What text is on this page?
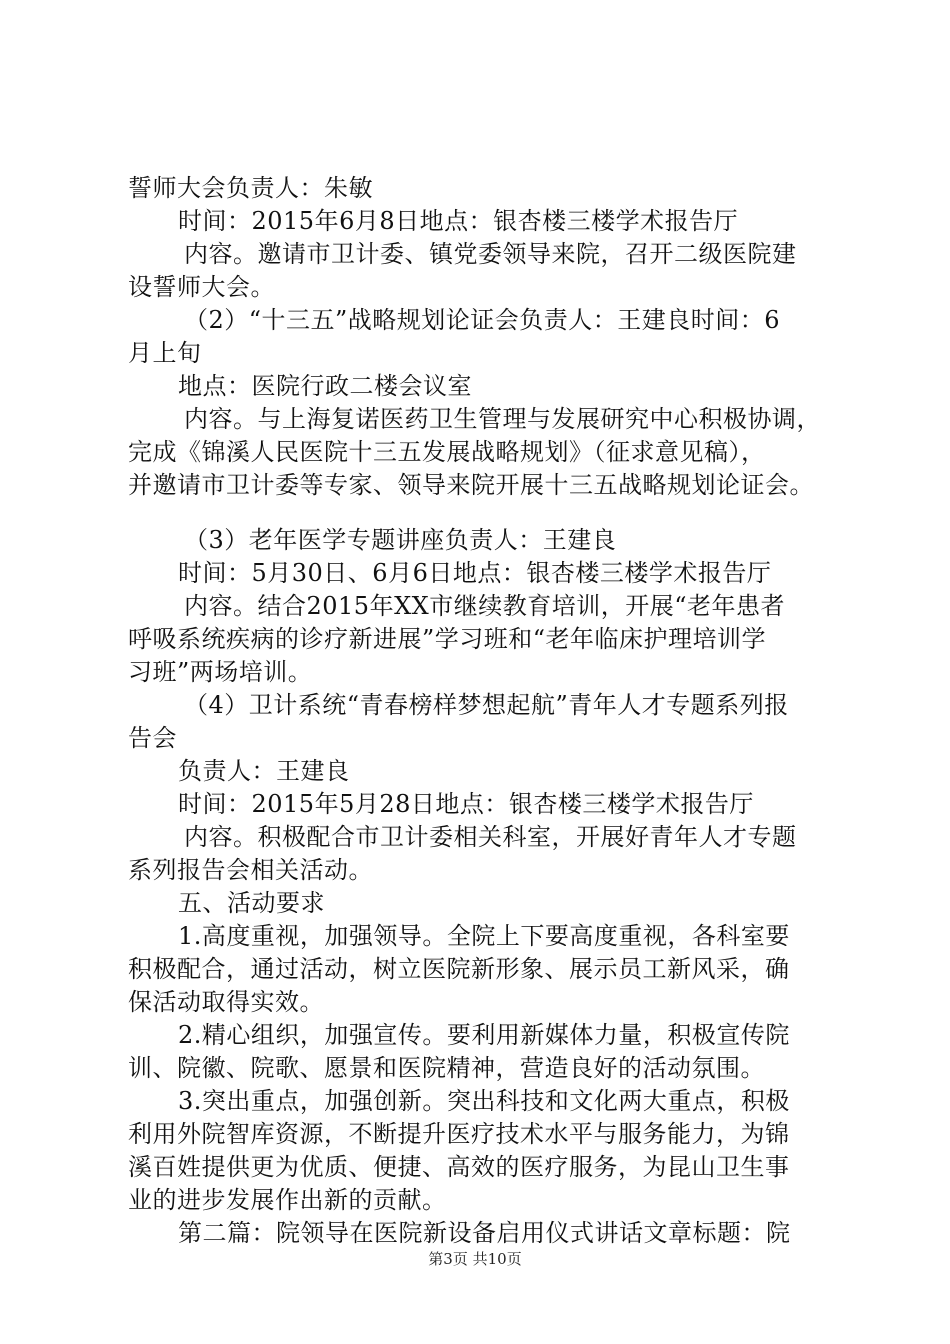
誓师大会负责人：朱敏
时间：2015年6月8日地点：银杏楼三楼学术报告厅
内容。邀请市卫计委、镇党委领导来院，召开二级医院建
设誓师大会。
（2）“十三五”战略规划论证会负责人：王建良时间：6
月上旬
地点：医院行政二楼会议室
内容。与上海复诺医药卫生管理与发展研究中心积极协调，
完成《锦溪人民医院十三五发展战略规划》（征求意见稿），
并邀请市卫计委等专家、领导来院开展十三五战略规划论证会。
（3）老年医学专题讲座负责人：王建良
时间：5月30日、6月6日地点：银杏楼三楼学术报告厅
内容。结合2015年XX市继续教育培训，开展“老年患者
呼吸系统疾病的诊疗新进展”学习班和“老年临床护理培训学
习班”两场培训。
（4）卫计系统“青春榜样梦想起航”青年人才专题系列报
告会
负责人：王建良
时间：2015年5月28日地点：银杏楼三楼学术报告厅
内容。积极配合市卫计委相关科室，开展好青年人才专题
系列报告会相关活动。
五、活动要求
1.高度重视，加强领导。全院上下要高度重视，各科室要
积极配合，通过活动，树立医院新形象、展示员工新风采，确
保活动取得实效。
2.精心组织，加强宣传。要利用新媒体力量，积极宣传院
训、院徽、院歌、愿景和医院精神，营造良好的活动氛围。
3.突出重点，加强创新。突出科技和文化两大重点，积极
利用外院智库资源，不断提升医疗技术水平与服务能力，为锦
溪百姓提供更为优质、便捷、高效的医疗服务，为昆山卫生事
业的进步发展作出新的贡献。
第二篇：院领导在医院新设备启用仪式讲话文章标题：院
第3页 共10页
